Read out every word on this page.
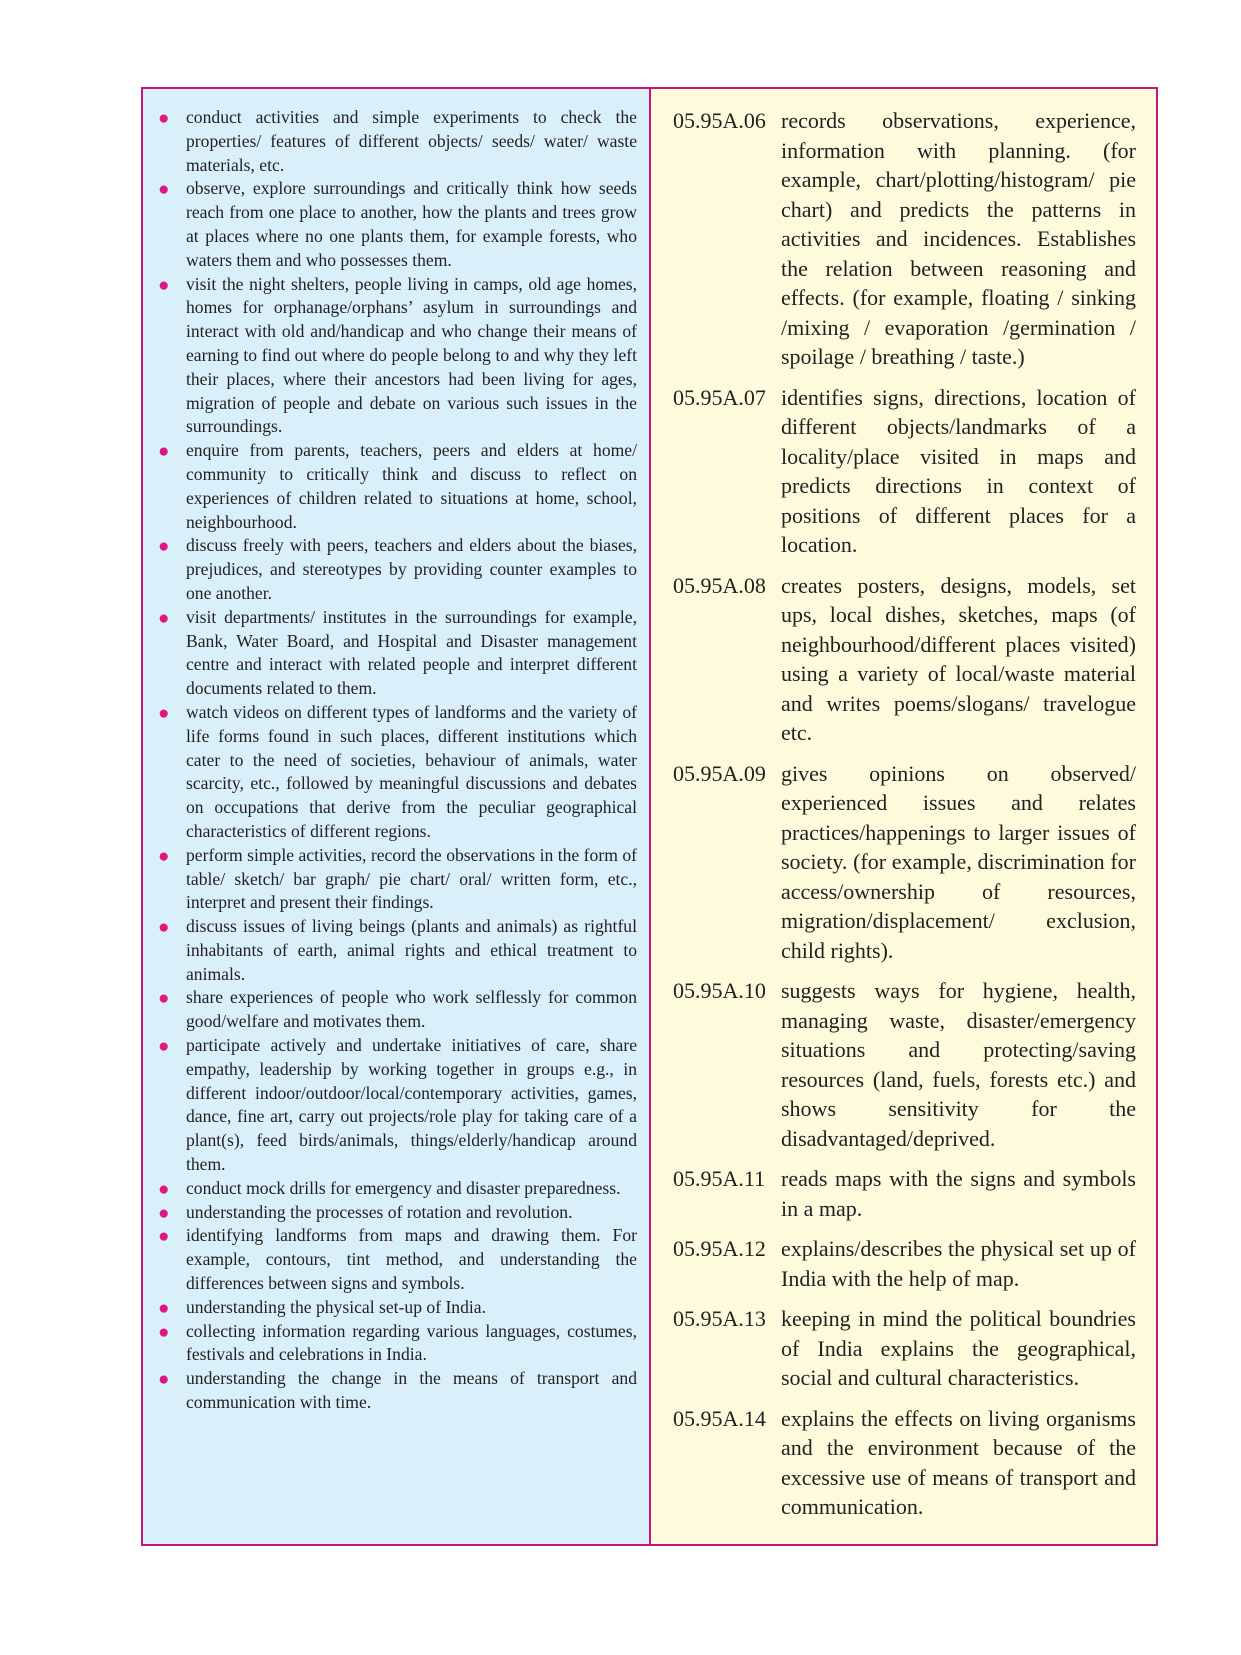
● conduct activities and simple experiments to check the properties/ features of different objects/ seeds/ water/ waste materials, etc.
● observe, explore surroundings and critically think how seeds reach from one place to another, how the plants and trees grow at places where no one plants them, for example forests, who waters them and who possesses them.
● visit the night shelters, people living in camps, old age homes, homes for orphanage/orphans’ asylum in surroundings and interact with old and/handicap and who change their means of earning to find out where do people belong to and why they left their places, where their ancestors had been living for ages, migration of people and debate on various such issues in the surroundings.
● enquire from parents, teachers, peers and elders at home/ community to critically think and discuss to reflect on experiences of children related to situations at home, school, neighbourhood.
● discuss freely with peers, teachers and elders about the biases, prejudices, and stereotypes by providing counter examples to one another.
● visit departments/ institutes in the surroundings for example, Bank, Water Board, and Hospital and Disaster management centre and interact with related people and interpret different documents related to them.
● watch videos on different types of landforms and the variety of life forms found in such places, different institutions which cater to the need of societies, behaviour of animals, water scarcity, etc., followed by meaningful discussions and debates on occupations that derive from the peculiar geographical characteristics of different regions.
● perform simple activities, record the observations in the form of table/ sketch/ bar graph/ pie chart/ oral/ written form, etc., interpret and present their findings.
● discuss issues of living beings (plants and animals) as rightful inhabitants of earth, animal rights and ethical treatment to animals.
● share experiences of people who work selflessly for common good/welfare and motivates them.
● participate actively and undertake initiatives of care, share empathy, leadership by working together in groups e.g., in different indoor/outdoor/local/contemporary activities, games, dance, fine art, carry out projects/role play for taking care of a plant(s), feed birds/animals, things/elderly/handicap around them.
● conduct mock drills for emergency and disaster preparedness.
● understanding the processes of rotation and revolution.
● identifying landforms from maps and drawing them. For example, contours, tint method, and understanding the differences between signs and symbols.
● understanding the physical set-up of India.
● collecting information regarding various languages, costumes, festivals and celebrations in India.
● understanding the change in the means of transport and communication with time.
05.95A.06 records observations, experience, information with planning. (for example, chart/plotting/histogram/ pie chart) and predicts the patterns in activities and incidences. Establishes the relation between reasoning and effects. (for example, floating / sinking /mixing / evaporation /germination / spoilage / breathing / taste.)
05.95A.07 identifies signs, directions, location of different objects/landmarks of a locality/place visited in maps and predicts directions in context of positions of different places for a location.
05.95A.08 creates posters, designs, models, set ups, local dishes, sketches, maps (of neighbourhood/different places visited) using a variety of local/waste material and writes poems/slogans/ travelogue etc.
05.95A.09 gives opinions on observed/ experienced issues and relates practices/happenings to larger issues of society. (for example, discrimination for access/ownership of resources, migration/displacement/ exclusion, child rights).
05.95A.10 suggests ways for hygiene, health, managing waste, disaster/emergency situations and protecting/saving resources (land, fuels, forests etc.) and shows sensitivity for the disadvantaged/deprived.
05.95A.11 reads maps with the signs and symbols in a map.
05.95A.12 explains/describes the physical set up of India with the help of map.
05.95A.13 keeping in mind the political boundries of India explains the geographical, social and cultural characteristics.
05.95A.14 explains the effects on living organisms and the environment because of the excessive use of means of transport and communication.
